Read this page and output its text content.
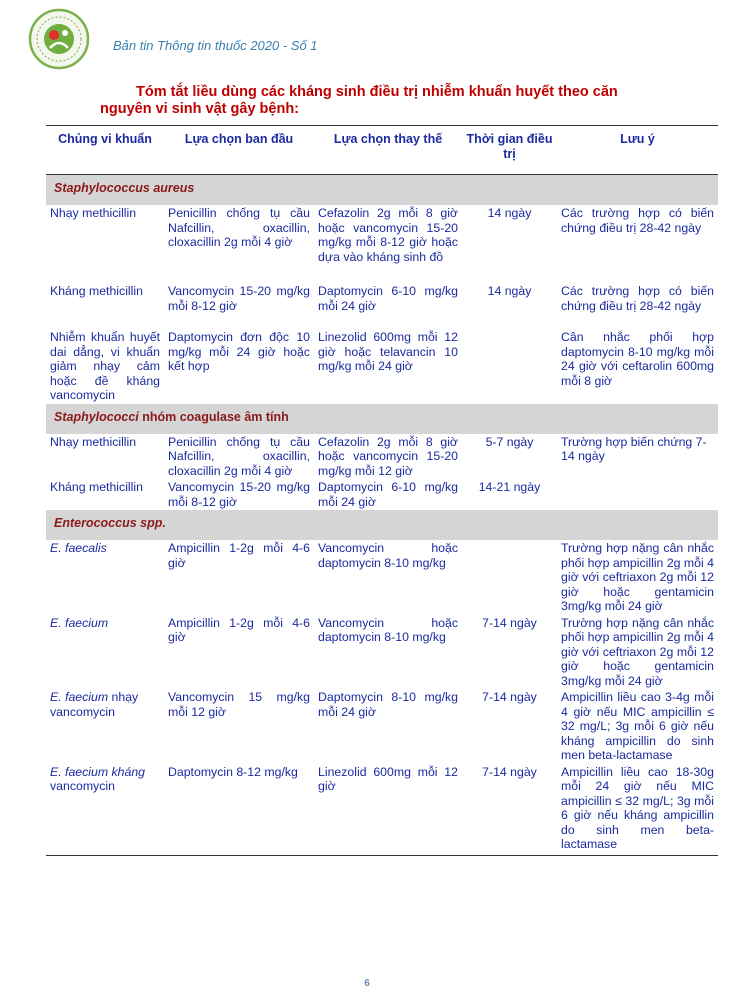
Bản tin Thông tin thuốc 2020 - Số 1
Tóm tắt liều dùng các kháng sinh điều trị nhiễm khuẩn huyết theo căn
nguyên vi sinh vật gây bệnh:
Chủng vi khuẩn	Lựa chọn ban đầu	Lựa chọn thay thế	Thời gian điều trị	Lưu ý
Staphylococcus aureus				
Nhạy methicillin	Penicillin chống tụ cầu Nafcillin, oxacillin, cloxacillin 2g mỗi 4 giờ	Cefazolin 2g mỗi 8 giờ hoặc vancomycin 15-20 mg/kg mỗi 8-12 giờ hoặc dựa vào kháng sinh đồ	14 ngày	Các trường hợp có biến chứng điều trị 28-42 ngày
Kháng methicillin	Vancomycin 15-20 mg/kg mỗi 8-12 giờ	Daptomycin 6-10 mg/kg mỗi 24 giờ	14 ngày	Các trường hợp có biến chứng điều trị 28-42 ngày
Nhiễm khuẩn huyết dai dẳng, vi khuẩn giảm nhạy cảm hoặc đề kháng vancomycin	Daptomycin đơn độc 10 mg/kg mỗi 24 giờ hoặc kết hợp	Linezolid 600mg mỗi 12 giờ hoặc telavancin 10 mg/kg mỗi 24 giờ		Cân nhắc phối hợp daptomycin 8-10 mg/kg mỗi 24 giờ với ceftarolin 600mg mỗi 8 giờ
Staphylococci nhóm coagulase âm tính				
Nhạy methicillin	Penicillin chống tụ cầu Nafcillin, oxacillin, cloxacillin 2g mỗi 4 giờ	Cefazolin 2g mỗi 8 giờ hoặc vancomycin 15-20 mg/kg mỗi 12 giờ	5-7 ngày	Trường hợp biến chứng 7-14 ngày
Kháng methicillin	Vancomycin 15-20 mg/kg mỗi 8-12 giờ	Daptomycin 6-10 mg/kg mỗi 24 giờ	14-21 ngày	
Enterococcus spp.				
E. faecalis	Ampicillin 1-2g mỗi 4-6 giờ	Vancomycin hoặc daptomycin 8-10 mg/kg		Trường hợp nặng cân nhắc phối hợp ampicillin 2g mỗi 4 giờ với ceftriaxon 2g mỗi 12 giờ hoặc gentamicin 3mg/kg mỗi 24 giờ
E. faecium	Ampicillin 1-2g mỗi 4-6 giờ	Vancomycin hoặc daptomycin 8-10 mg/kg	7-14 ngày	Trường hợp nặng cân nhắc phối hợp ampicillin 2g mỗi 4 giờ với ceftriaxon 2g mỗi 12 giờ hoặc gentamicin 3mg/kg mỗi 24 giờ
E. faecium nhạy vancomycin	Vancomycin 15 mg/kg mỗi 12 giờ	Daptomycin 8-10 mg/kg mỗi 24 giờ	7-14 ngày	Ampicillin liều cao 3-4g mỗi 4 giờ nếu MIC ampicillin ≤ 32 mg/L; 3g mỗi 6 giờ nếu kháng ampicillin do sinh men beta-lactamase
E. faecium kháng vancomycin	Daptomycin 8-12 mg/kg	Linezolid 600mg mỗi 12 giờ	7-14 ngày	Ampicillin liều cao 18-30g mỗi 24 giờ nếu MIC ampicillin ≤ 32 mg/L; 3g mỗi 6 giờ nếu kháng ampicillin do sinh men beta-lactamase
6
